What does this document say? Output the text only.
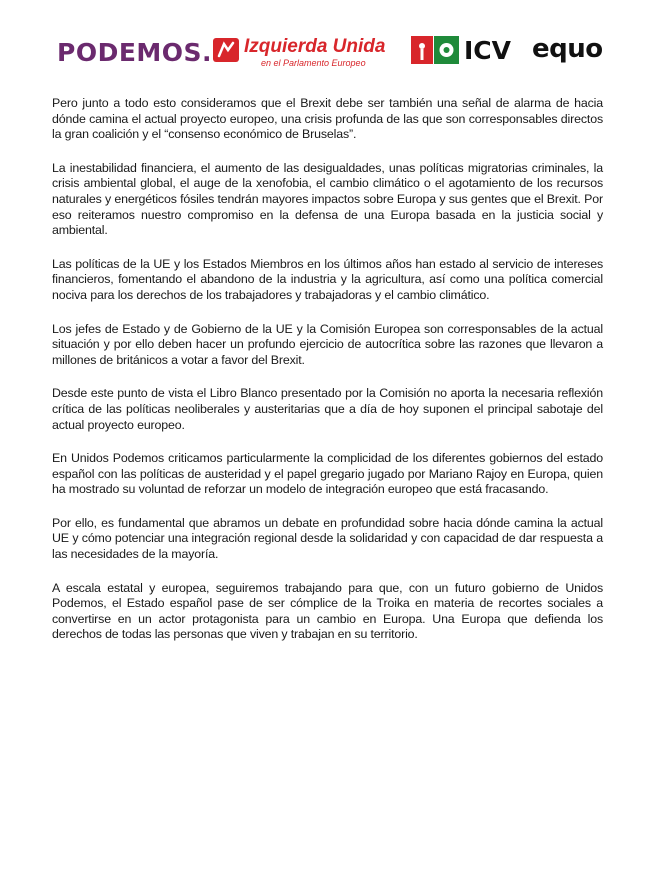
PODEMOS. Izquierda Unida
en el Parlamento Europeo	ICV equo

Pero junto a todo esto consideramos que el Brexit debe ser también una señal de alarma de hacia dónde camina el actual proyecto europeo, una crisis profunda de las que son corresponsables directos la gran coalición y el “consenso económico de Bruselas”.

La inestabilidad financiera, el aumento de las desigualdades, unas políticas migratorias criminales, la crisis ambiental global, el auge de la xenofobia, el cambio climático o el agotamiento de los recursos naturales y energéticos fósiles tendrán mayores impactos sobre Europa y sus gentes que el Brexit. Por eso reiteramos nuestro compromiso en la defensa de una Europa basada en la justicia social y ambiental.

Las políticas de la UE y los Estados Miembros en los últimos años han estado al servicio de intereses financieros, fomentando el abandono de la industria y la agricultura, así como una política comercial nociva para los derechos de los trabajadores y trabajadoras y el cambio climático.

Los jefes de Estado y de Gobierno de la UE y la Comisión Europea son corresponsables de la actual situación y por ello deben hacer un profundo ejercicio de autocrítica sobre las razones que llevaron a millones de británicos a votar a favor del Brexit.

Desde este punto de vista el Libro Blanco presentado por la Comisión no aporta la necesaria reflexión crítica de las políticas neoliberales y austeritarias que a día de hoy suponen el principal sabotaje del actual proyecto europeo.

En Unidos Podemos criticamos particularmente la complicidad de los diferentes gobiernos del estado español con las políticas de austeridad y el papel gregario jugado por Mariano Rajoy en Europa, quien ha mostrado su voluntad de reforzar un modelo de integración europeo que está fracasando.

Por ello, es fundamental que abramos un debate en profundidad sobre hacia dónde camina la actual UE y cómo potenciar una integración regional desde la solidaridad y con capacidad de dar respuesta a las necesidades de la mayoría.

A escala estatal y europea, seguiremos trabajando para que, con un futuro gobierno de Unidos Podemos, el Estado español pase de ser cómplice de la Troika en materia de recortes sociales a convertirse en un actor protagonista para un cambio en Europa. Una Europa que defienda los derechos de todas las personas que viven y trabajan en su territorio.
